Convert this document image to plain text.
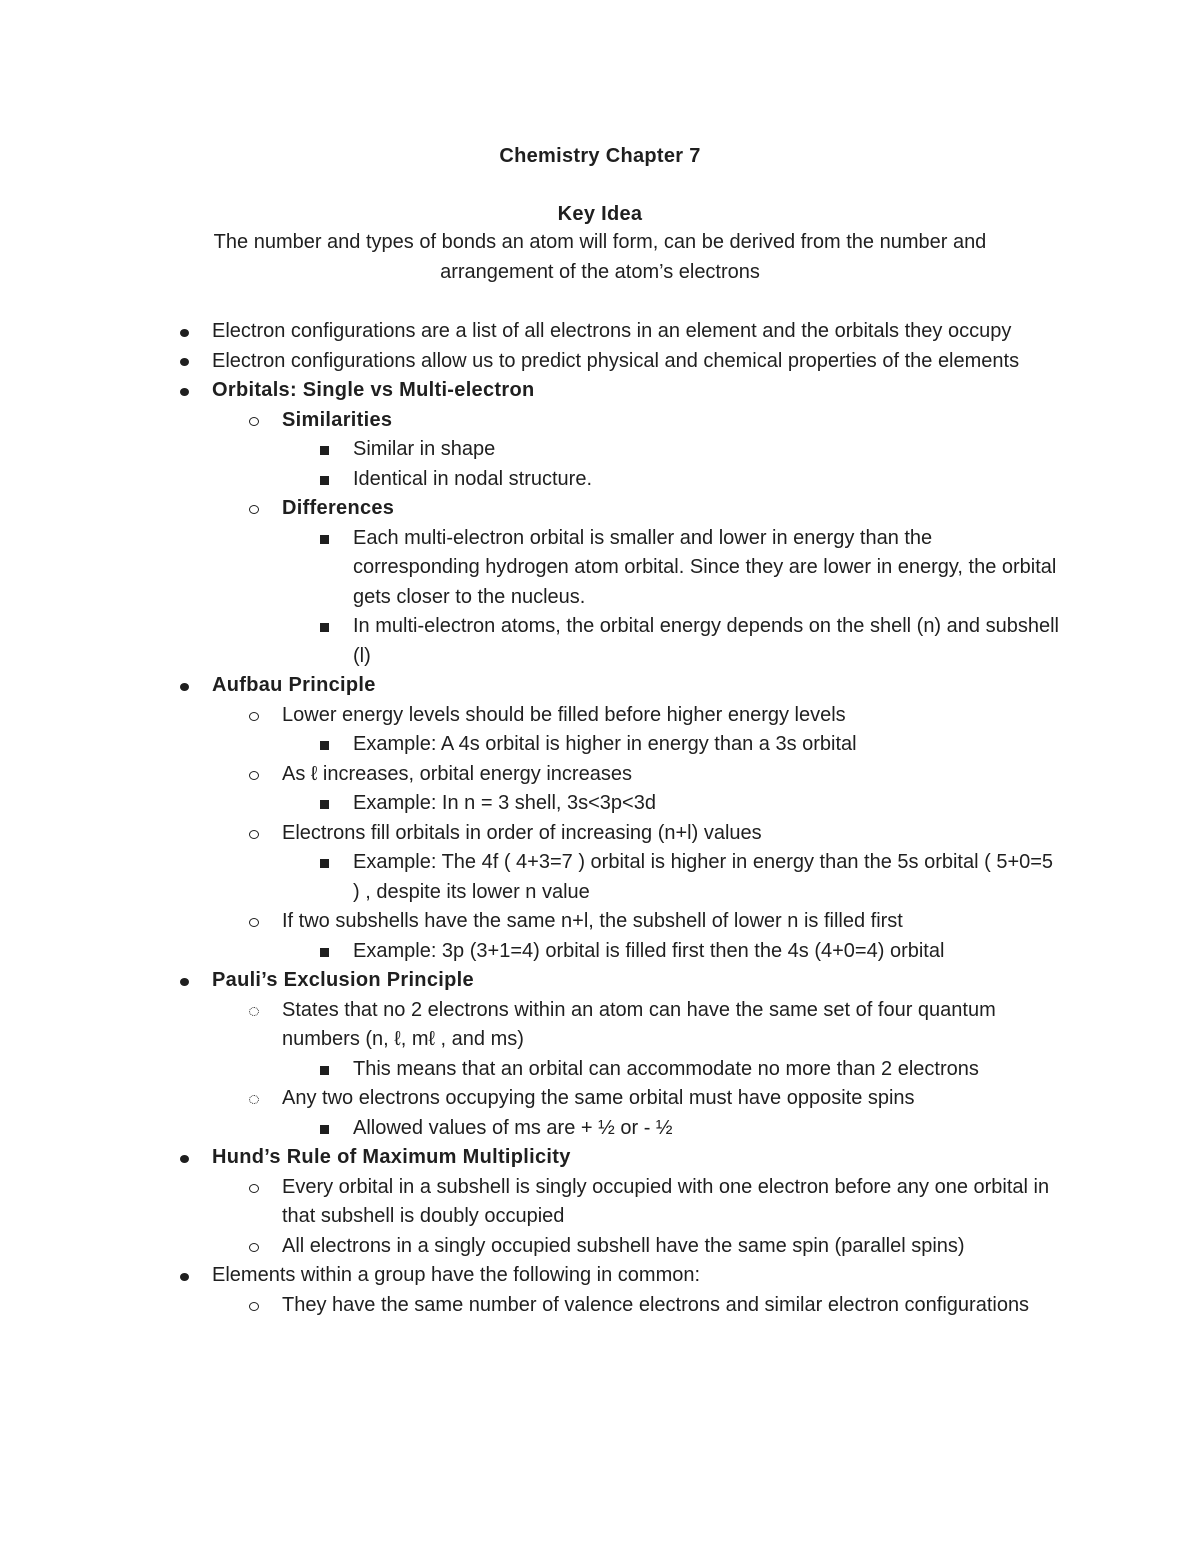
Chemistry Chapter 7
Key Idea
The number and types of bonds an atom will form, can be derived from the number and arrangement of the atom’s electrons
Electron configurations are a list of all electrons in an element and the orbitals they occupy
Electron configurations allow us to predict physical and chemical properties of the elements
Orbitals: Single vs Multi-electron
Similarities
Similar in shape
Identical in nodal structure.
Differences
Each multi-electron orbital is smaller and lower in energy than the corresponding hydrogen atom orbital. Since they are lower in energy, the orbital gets closer to the nucleus.
In multi-electron atoms, the orbital energy depends on the shell (n) and subshell (l)
Aufbau Principle
Lower energy levels should be filled before higher energy levels
Example: A 4s orbital is higher in energy than a 3s orbital
As ℓ increases, orbital energy increases
Example: In n = 3 shell, 3s<3p<3d
Electrons fill orbitals in order of increasing (n+l) values
Example: The 4f ( 4+3=7 ) orbital is higher in energy than the 5s orbital ( 5+0=5 ) , despite its lower n value
If two subshells have the same n+l, the subshell of lower n is filled first
Example: 3p (3+1=4) orbital is filled first then the 4s (4+0=4) orbital
Pauli’s Exclusion Principle
States that no 2 electrons within an atom can have the same set of four quantum numbers (n, ℓ, mℓ , and ms)
This means that an orbital can accommodate no more than 2 electrons
Any two electrons occupying the same orbital must have opposite spins
Allowed values of ms are + ½ or - ½
Hund’s Rule of Maximum Multiplicity
Every orbital in a subshell is singly occupied with one electron before any one orbital in that subshell is doubly occupied
All electrons in a singly occupied subshell have the same spin (parallel spins)
Elements within a group have the following in common:
They have the same number of valence electrons and similar electron configurations
